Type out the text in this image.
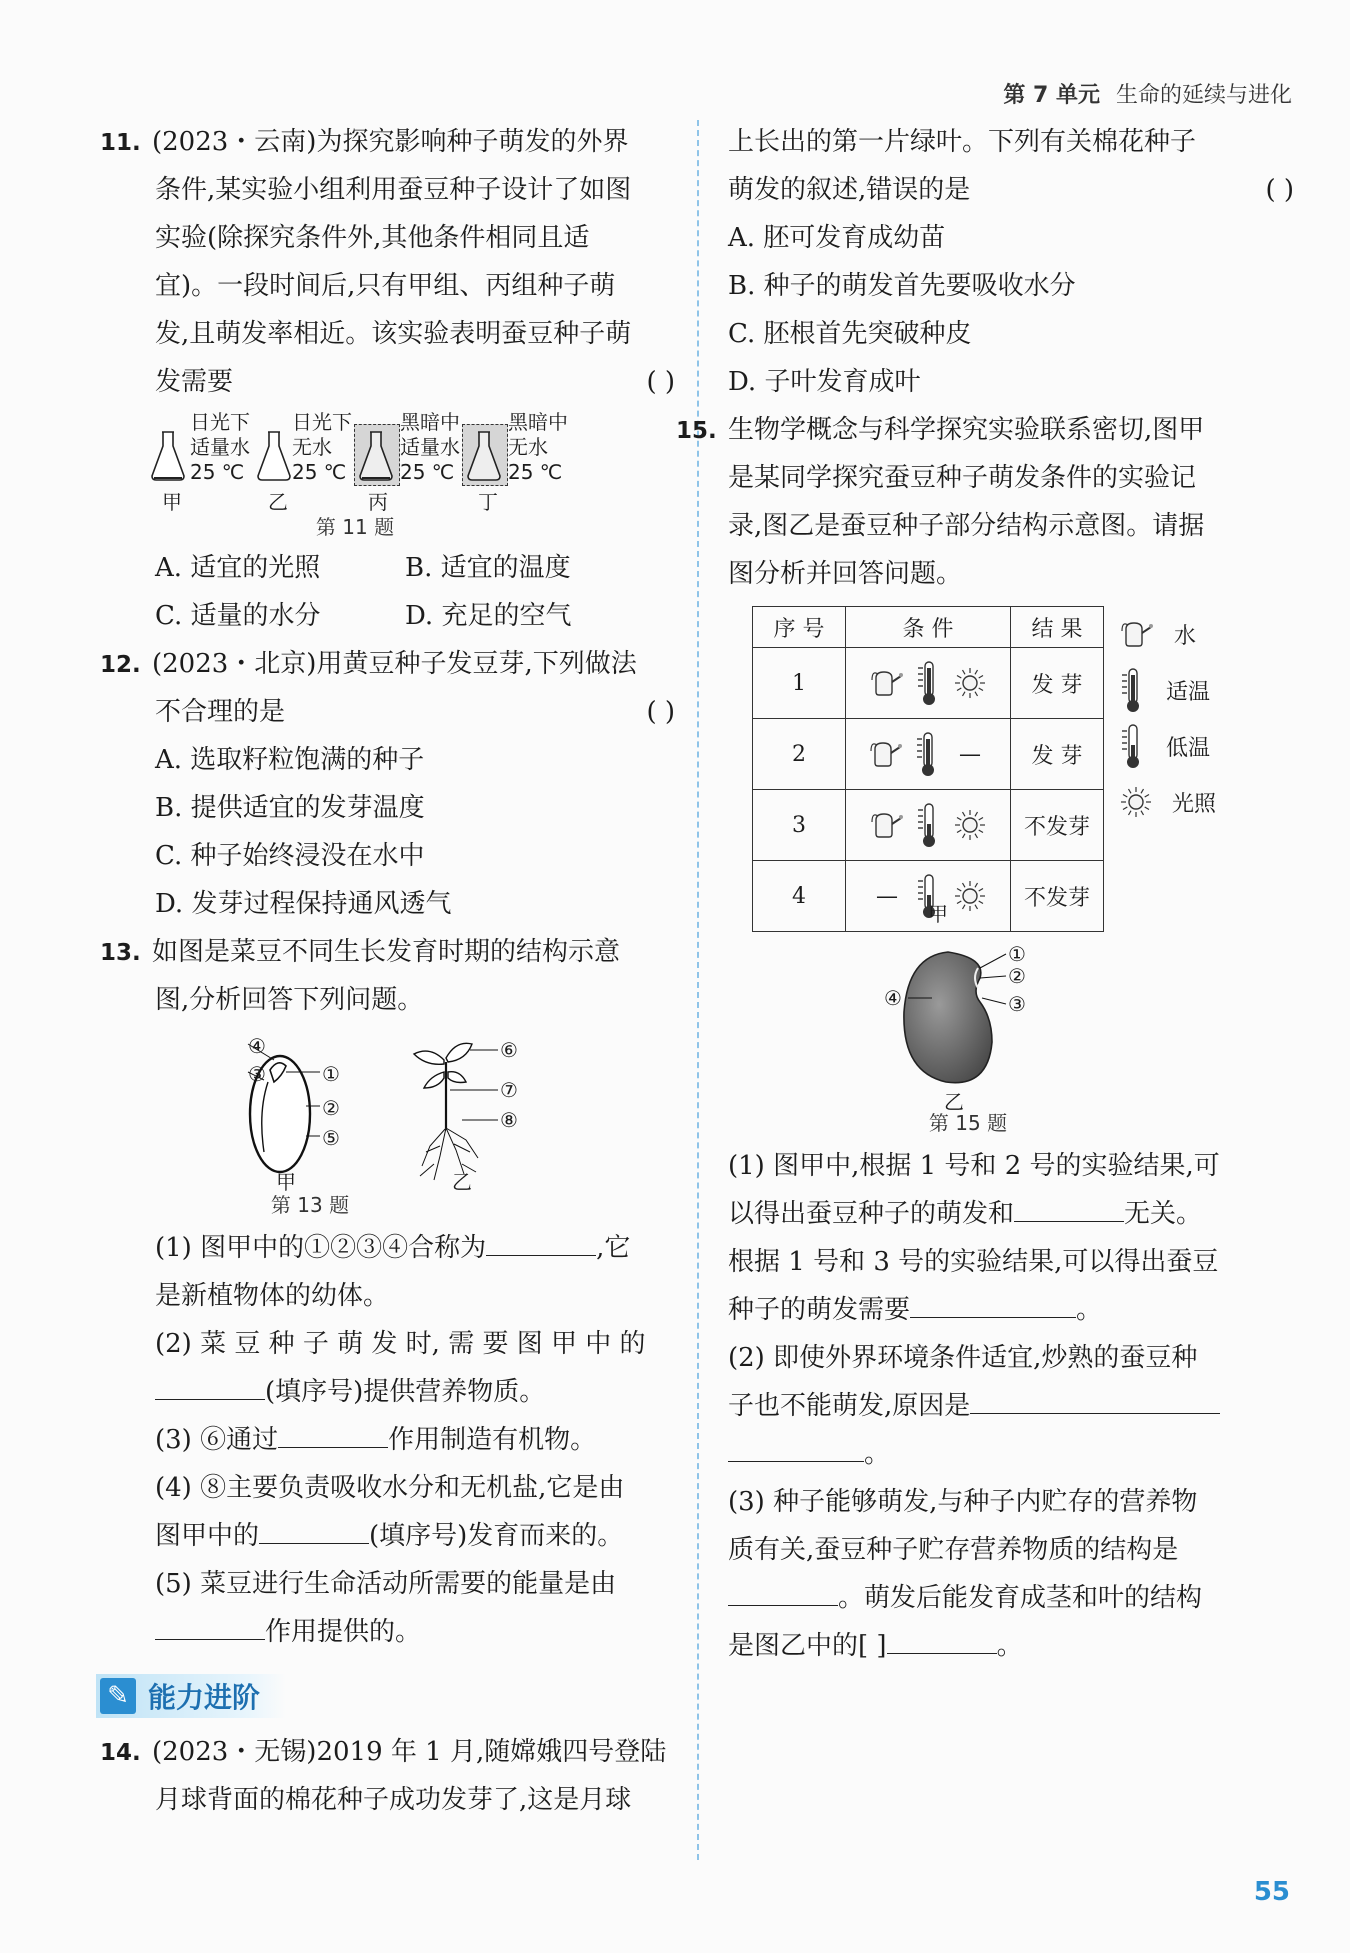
第 7 单元 生命的延续与进化
11. (2023・云南)为探究影响种子萌发的外界
条件,某实验小组利用蚕豆种子设计了如图
实验(除探究条件外,其他条件相同且适
宜)。一段时间后,只有甲组、丙组种子萌
发,且萌发率相近。该实验表明蚕豆种子萌
发需要	( )
日光下
适量水
25 ℃
甲
日光下
无水
25 ℃
乙
黑暗中
适量水
25 ℃
丙
黑暗中
无水
25 ℃
丁
第 11 题
A. 适宜的光照	B. 适宜的温度
C. 适量的水分	D. 充足的空气
12. (2023・北京)用黄豆种子发豆芽,下列做法
不合理的是	( )
A. 选取籽粒饱满的种子
B. 提供适宜的发芽温度
C. 种子始终浸没在水中
D. 发芽过程保持通风透气
13. 如图是菜豆不同生长发育时期的结构示意
图,分析回答下列问题。
④
③	①
②
⑤
甲
⑥
⑦
⑧
乙
第 13 题
(1) 图甲中的①②③④合称为	,它
是新植物体的幼体。
(2) 菜 豆 种 子 萌 发 时, 需 要 图 甲 中 的
(填序号)提供营养物质。
(3) ⑥通过	作用制造有机物。
(4) ⑧主要负责吸收水分和无机盐,它是由
图甲中的	(填序号)发育而来的。
(5) 菜豆进行生命活动所需要的能量是由
作用提供的。
✎ 能力进阶
14. (2023・无锡)2019 年 1 月,随嫦娥四号登陆
月球背面的棉花种子成功发芽了,这是月球
上长出的第一片绿叶。下列有关棉花种子
萌发的叙述,错误的是	( )
A. 胚可发育成幼苗
B. 种子的萌发首先要吸收水分
C. 胚根首先突破种皮
D. 子叶发育成叶
15. 生物学概念与科学探究实验联系密切,图甲
是某同学探究蚕豆种子萌发条件的实验记
录,图乙是蚕豆种子部分结构示意图。请据
图分析并回答问题。
序 号	条 件	结 果
1		发 芽
2	—	发 芽
3		不发芽
4	—	不发芽
甲
水
适温
低温
光照
①
②
③
④
乙
第 15 题
(1) 图甲中,根据 1 号和 2 号的实验结果,可
以得出蚕豆种子的萌发和	无关。
根据 1 号和 3 号的实验结果,可以得出蚕豆
种子的萌发需要	。
(2) 即使外界环境条件适宜,炒熟的蚕豆种
子也不能萌发,原因是
。
(3) 种子能够萌发,与种子内贮存的营养物
质有关,蚕豆种子贮存营养物质的结构是
。萌发后能发育成茎和叶的结构
是图乙中的[ ]	。
55
